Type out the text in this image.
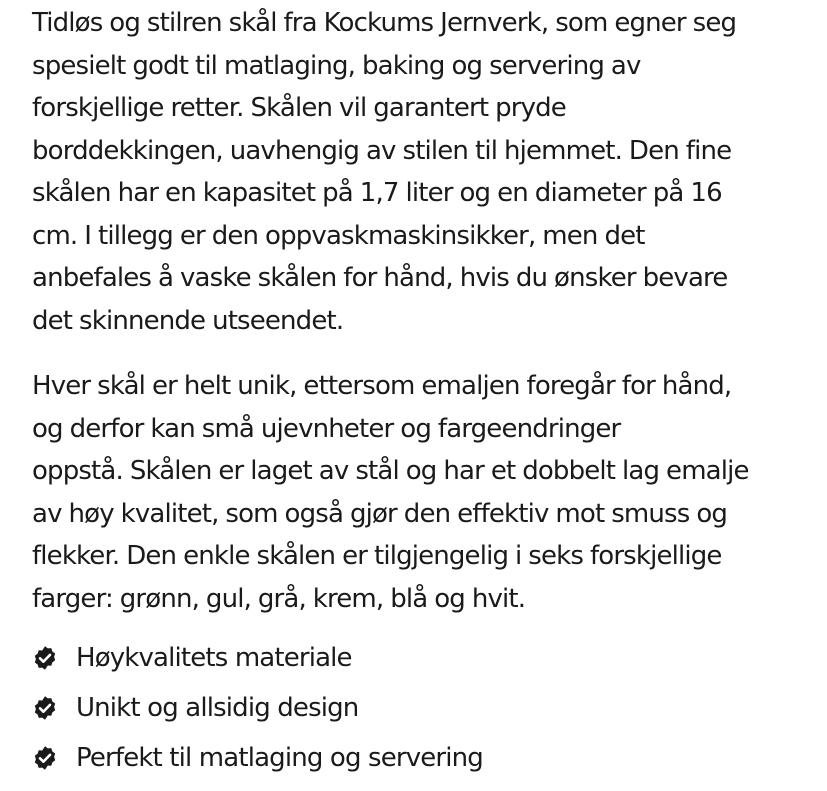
Tidløs og stilren skål fra Kockums Jernverk, som egner seg
spesielt godt til matlaging, baking og servering av
forskjellige retter. Skålen vil garantert pryde
borddekkingen, uavhengig av stilen til hjemmet. Den fine
skålen har en kapasitet på 1,7 liter og en diameter på 16
cm. I tillegg er den oppvaskmaskinsikker, men det
anbefales å vaske skålen for hånd, hvis du ønsker bevare
det skinnende utseendet.

Hver skål er helt unik, ettersom emaljen foregår for hånd,
og derfor kan små ujevnheter og fargeendringer
oppstå. Skålen er laget av stål og har et dobbelt lag emalje
av høy kvalitet, som også gjør den effektiv mot smuss og
flekker. Den enkle skålen er tilgjengelig i seks forskjellige
farger: grønn, gul, grå, krem, blå og hvit.

Høykvalitets materiale
Unikt og allsidig design
Perfekt til matlaging og servering
